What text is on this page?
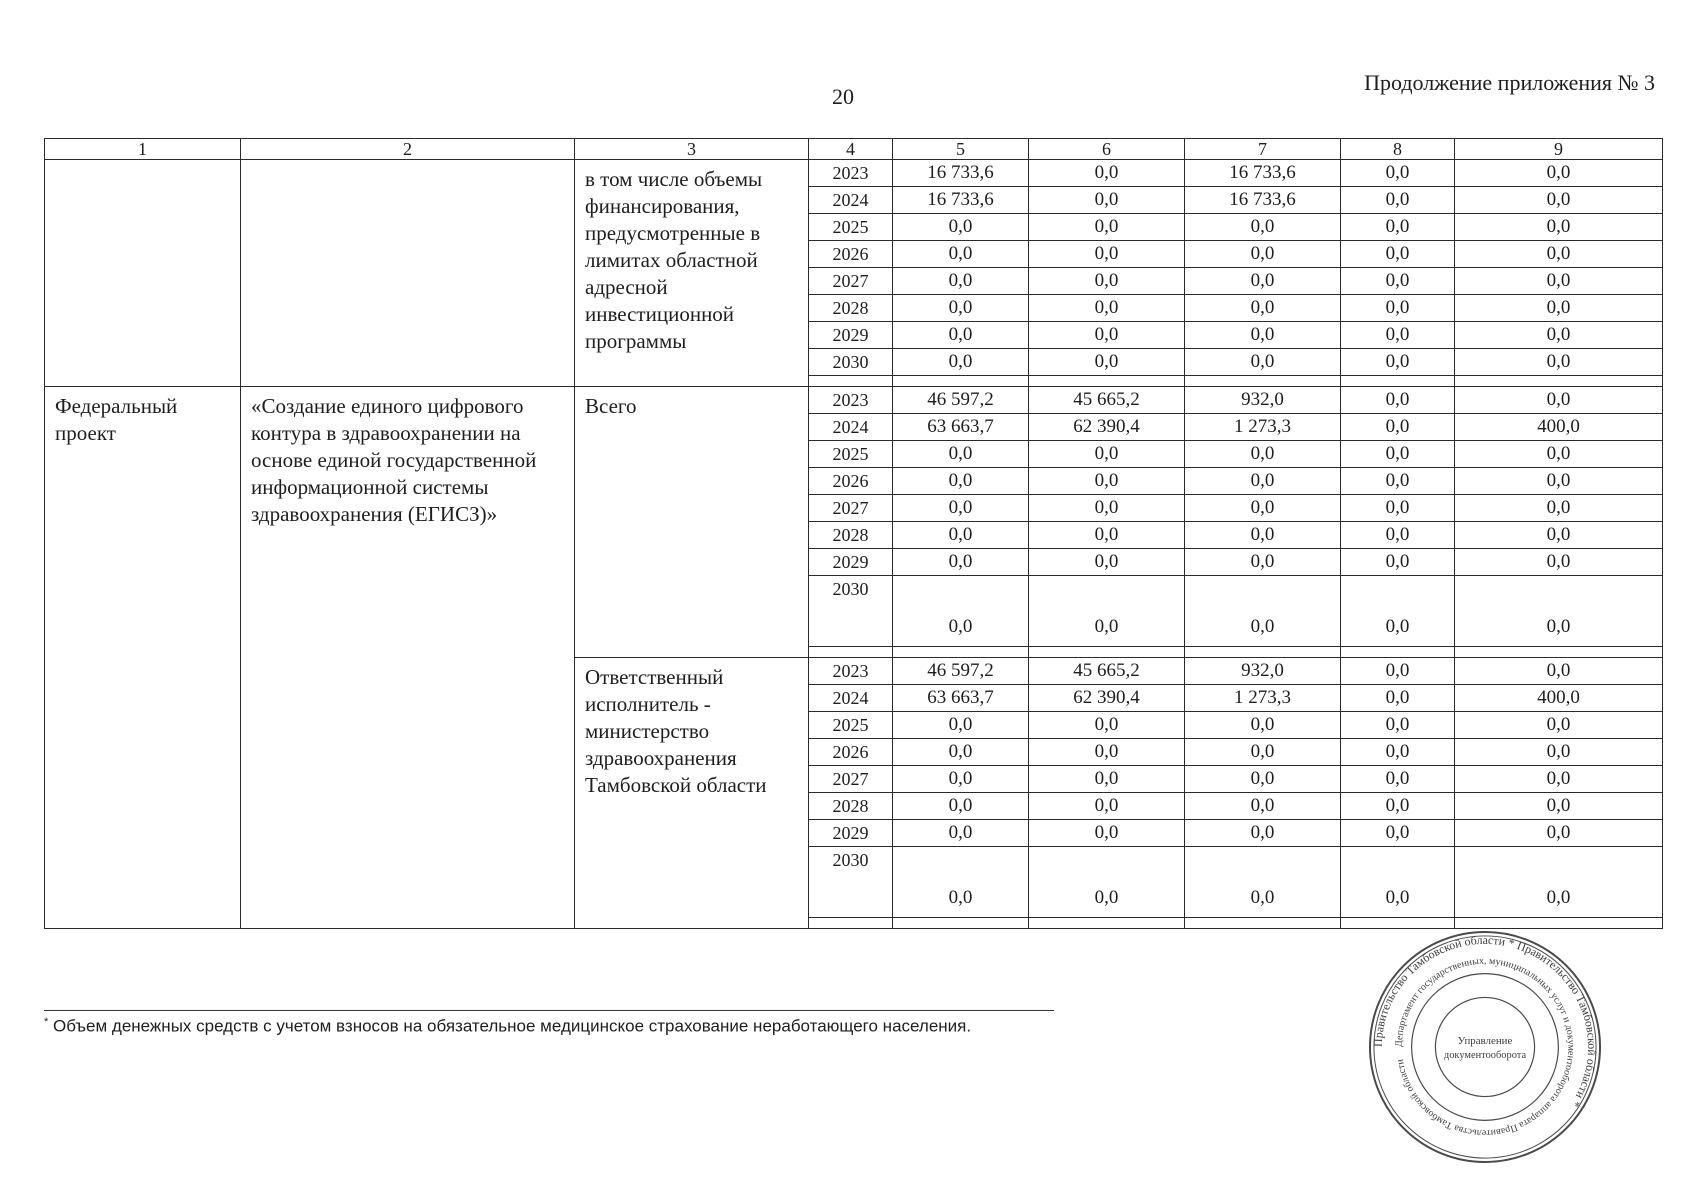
20
Продолжение приложения № 3
1	2	3	4	5	6	7	8	9
		в том числе объемы финансирования, предусмотренные в лимитах областной адресной инвестиционной программы	2023	16 733,6	0,0	16 733,6	0,0	0,0
			2024	16 733,6	0,0	16 733,6	0,0	0,0
			2025	0,0	0,0	0,0	0,0	0,0
			2026	0,0	0,0	0,0	0,0	0,0
			2027	0,0	0,0	0,0	0,0	0,0
			2028	0,0	0,0	0,0	0,0	0,0
			2029	0,0	0,0	0,0	0,0	0,0
			2030	0,0	0,0	0,0	0,0	0,0

Федеральный проект	«Создание единого цифрового контура в здравоохранении на основе единой государственной информационной системы здравоохранения (ЕГИСЗ)»	Всего	2023	46 597,2	45 665,2	932,0	0,0	0,0
			2024	63 663,7	62 390,4	1 273,3	0,0	400,0
			2025	0,0	0,0	0,0	0,0	0,0
			2026	0,0	0,0	0,0	0,0	0,0
			2027	0,0	0,0	0,0	0,0	0,0
			2028	0,0	0,0	0,0	0,0	0,0
			2029	0,0	0,0	0,0	0,0	0,0
			2030	0,0	0,0	0,0	0,0	0,0

		Ответственный исполнитель - министерство здравоохранения Тамбовской области	2023	46 597,2	45 665,2	932,0	0,0	0,0
			2024	63 663,7	62 390,4	1 273,3	0,0	400,0
			2025	0,0	0,0	0,0	0,0	0,0
			2026	0,0	0,0	0,0	0,0	0,0
			2027	0,0	0,0	0,0	0,0	0,0
			2028	0,0	0,0	0,0	0,0	0,0
			2029	0,0	0,0	0,0	0,0	0,0
			2030	0,0	0,0	0,0	0,0	0,0

* Объем денежных средств с учетом взносов на обязательное медицинское страхование неработающего населения.
Правительство Тамбовской области * Правительство Тамбовской области *
Департамент государственных, муниципальных услуг и документооборота аппарата Правительства Тамбовской области
Управление
документооборота
